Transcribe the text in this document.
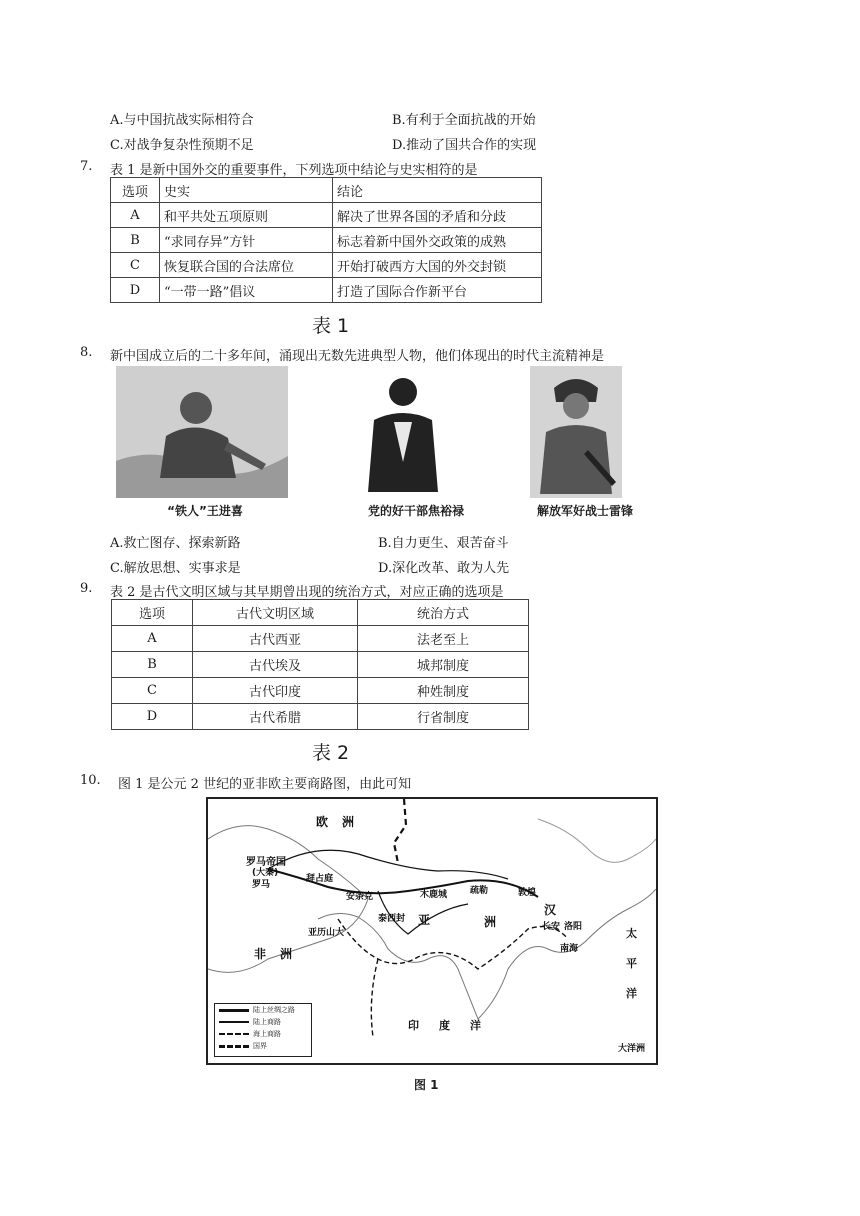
A.与中国抗战实际相符合	B.有利于全面抗战的开始
C.对战争复杂性预期不足	D.推动了国共合作的实现
7. 表 1 是新中国外交的重要事件，下列选项中结论与史实相符的是
选项	史实	结论
A	和平共处五项原则	解决了世界各国的矛盾和分歧
B	“求同存异”方针	标志着新中国外交政策的成熟
C	恢复联合国的合法席位	开始打破西方大国的外交封锁
D	“一带一路”倡议	打造了国际合作新平台
表 1
8. 新中国成立后的二十多年间，涌现出无数先进典型人物，他们体现出的时代主流精神是
“铁人”王进喜	党的好干部焦裕禄	解放军好战士雷锋
A.救亡图存、探索新路	B.自力更生、艰苦奋斗
C.解放思想、实事求是	D.深化改革、敢为人先
9. 表 2 是古代文明区域与其早期曾出现的统治方式，对应正确的选项是
选项	古代文明区域	统治方式
A	古代西亚	法老至上
B	古代埃及	城邦制度
C	古代印度	种姓制度
D	古代希腊	行省制度
表 2
10. 图 1 是公元 2 世纪的亚非欧主要商路图，由此可知
欧洲
罗马帝国
(大秦)
罗马
拜占庭
安条克
亚历山大
泰西封 亚
木鹿城	疏勒	敦煌
洲
汉
长安 洛阳
南海
非洲
印度洋
太平洋
大洋洲
陆上丝绸之路
陆上商路
海上商路
国界
图 1
